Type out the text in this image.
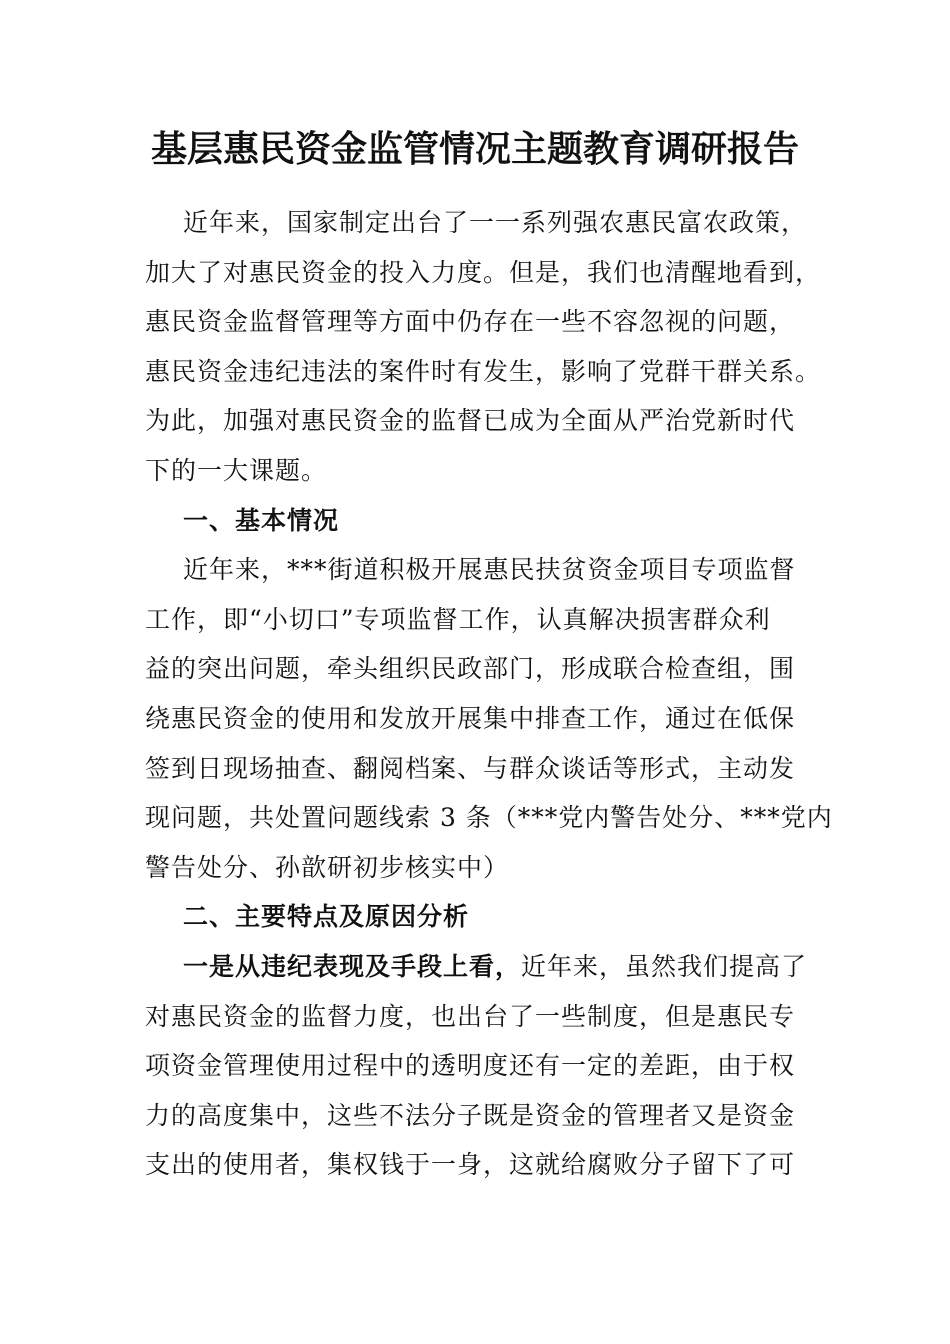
基层惠民资金监管情况主题教育调研报告
近年来，国家制定出台了一一系列强农惠民富农政策，
加大了对惠民资金的投入力度。但是，我们也清醒地看到，
惠民资金监督管理等方面中仍存在一些不容忽视的问题，
惠民资金违纪违法的案件时有发生，影响了党群干群关系。
为此，加强对惠民资金的监督已成为全面从严治党新时代
下的一大课题。
一、基本情况
近年来，***街道积极开展惠民扶贫资金项目专项监督
工作，即“小切口”专项监督工作，认真解决损害群众利
益的突出问题，牵头组织民政部门，形成联合检查组，围
绕惠民资金的使用和发放开展集中排查工作，通过在低保
签到日现场抽查、翻阅档案、与群众谈话等形式，主动发
现问题，共处置问题线索 3 条（***党内警告处分、***党内
警告处分、孙歆研初步核实中）
二、主要特点及原因分析
一是从违纪表现及手段上看，近年来，虽然我们提高了
对惠民资金的监督力度，也出台了一些制度，但是惠民专
项资金管理使用过程中的透明度还有一定的差距，由于权
力的高度集中，这些不法分子既是资金的管理者又是资金
支出的使用者，集权钱于一身，这就给腐败分子留下了可
